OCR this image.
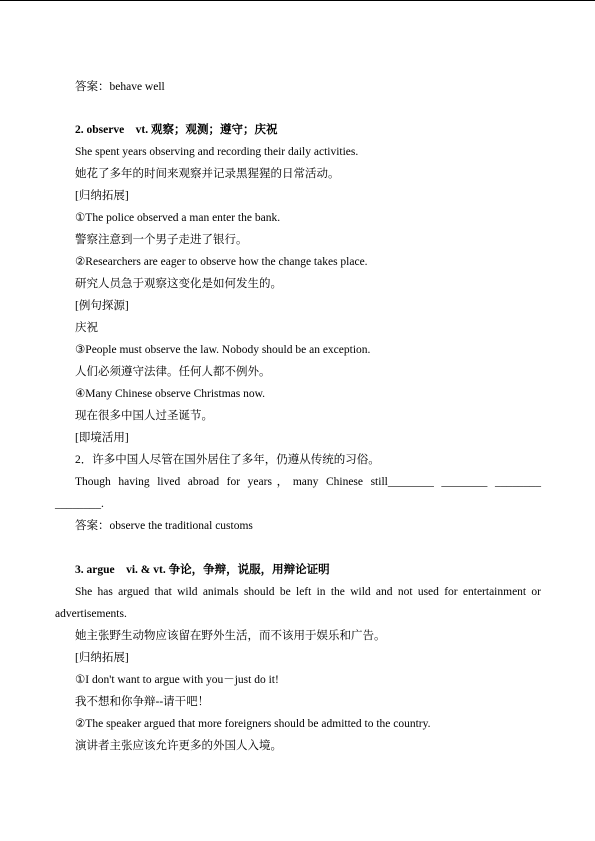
答案：behave well
2. observe　vt. 观察；观测；遵守；庆祝
She spent years observing and recording their daily activities.
她花了多年的时间来观察并记录黑猩猩的日常活动。
[归纳拓展]
①The police observed a man enter the bank.
警察注意到一个男子走进了银行。
②Researchers are eager to observe how the change takes place.
研究人员急于观察这变化是如何发生的。
[例句探源]
庆祝
③People must observe the law. Nobody should be an exception.
人们必须遵守法律。任何人都不例外。
④Many Chinese observe Christmas now.
现在很多中国人过圣诞节。
[即境活用]
2．许多中国人尽管在国外居住了多年，仍遵从传统的习俗。
Though having lived abroad for years，many Chinese still________ ________ ________
________.
答案：observe the traditional customs
3. argue　vi. & vt. 争论，争辩，说服，用辩论证明
She has argued that wild animals should be left in the wild and not used for entertainment or
advertisements.
她主张野生动物应该留在野外生活，而不该用于娱乐和广告。
[归纳拓展]
①I don't want to argue with you－just do it!
我不想和你争辩--请干吧！
②The speaker argued that more foreigners should be admitted to the country.
演讲者主张应该允许更多的外国人入境。
